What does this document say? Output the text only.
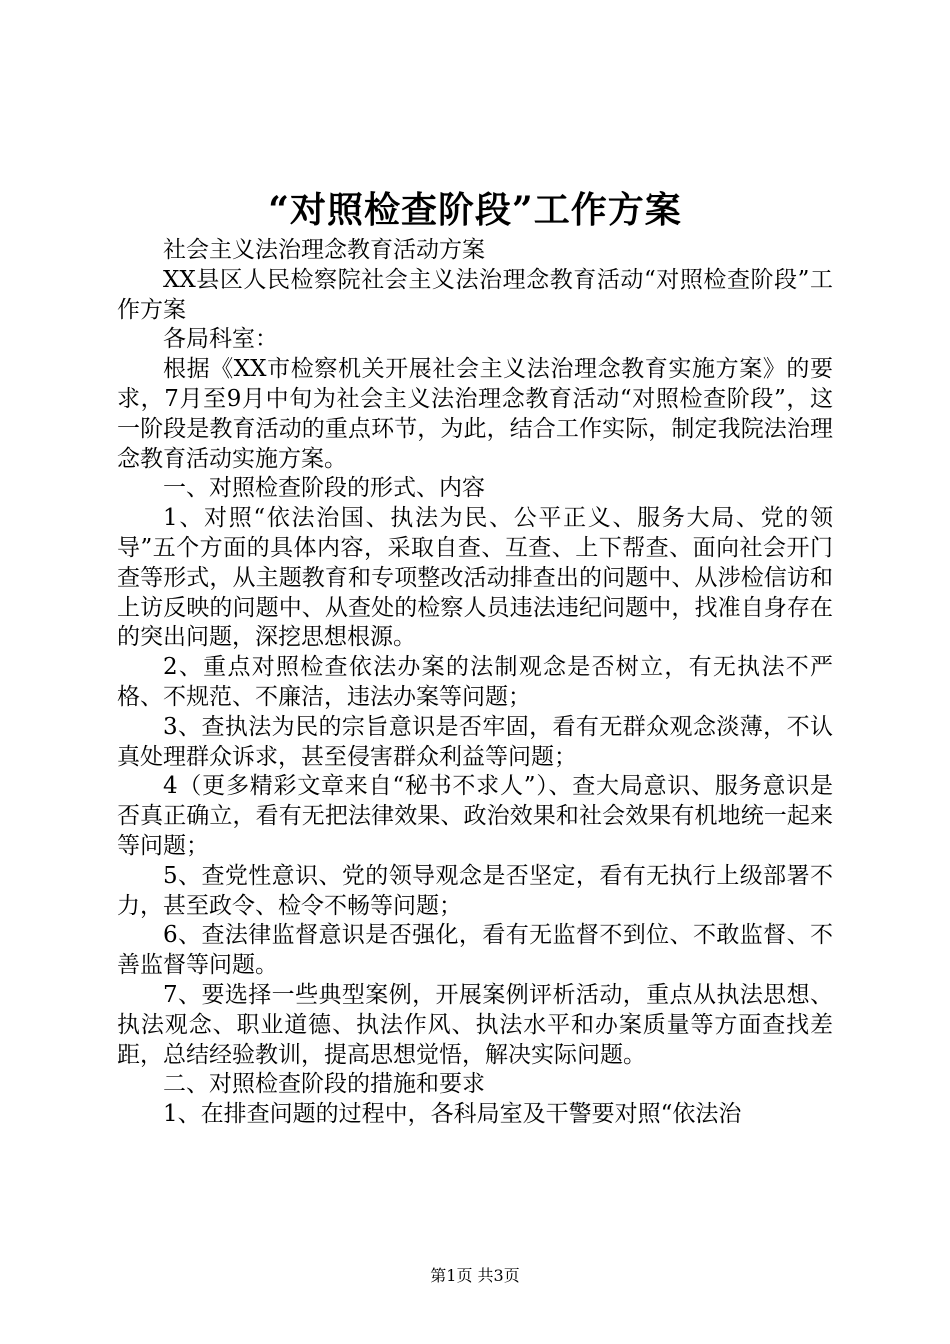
“对照检查阶段”工作方案

社会主义法治理念教育活动方案

XX县区人民检察院社会主义法治理念教育活动“对照检查阶段”工作方案

各局科室：

根据《XX市检察机关开展社会主义法治理念教育实施方案》的要求，7月至9月中旬为社会主义法治理念教育活动“对照检查阶段”，这一阶段是教育活动的重点环节，为此，结合工作实际，制定我院法治理念教育活动实施方案。

一、对照检查阶段的形式、内容

1、对照“依法治国、执法为民、公平正义、服务大局、党的领导”五个方面的具体内容，采取自查、互查、上下帮查、面向社会开门查等形式，从主题教育和专项整改活动排查出的问题中、从涉检信访和上访反映的问题中、从查处的检察人员违法违纪问题中，找准自身存在的突出问题，深挖思想根源。

2、重点对照检查依法办案的法制观念是否树立，有无执法不严格、不规范、不廉洁，违法办案等问题；

3、查执法为民的宗旨意识是否牢固，看有无群众观念淡薄，不认真处理群众诉求，甚至侵害群众利益等问题；

4（更多精彩文章来自“秘书不求人”）、查大局意识、服务意识是否真正确立，看有无把法律效果、政治效果和社会效果有机地统一起来等问题；

5、查党性意识、党的领导观念是否坚定，看有无执行上级部署不力，甚至政令、检令不畅等问题；

6、查法律监督意识是否强化，看有无监督不到位、不敢监督、不善监督等问题。

7、要选择一些典型案例，开展案例评析活动，重点从执法思想、执法观念、职业道德、执法作风、执法水平和办案质量等方面查找差距，总结经验教训，提高思想觉悟，解决实际问题。

二、对照检查阶段的措施和要求

1、在排查问题的过程中，各科局室及干警要对照“依法治

第1页 共3页
